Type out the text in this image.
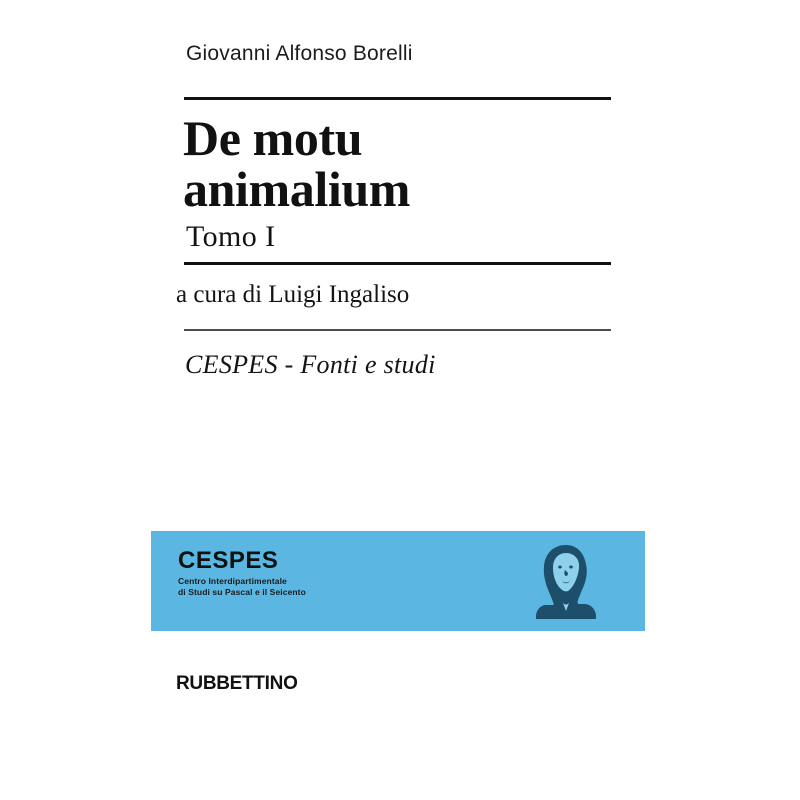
Giovanni Alfonso Borelli
De motu
animalium
Tomo I
a cura di Luigi Ingaliso
CESPES - Fonti e studi
CESPES
Centro Interdipartimentale
di Studi su Pascal e il Seicento
RUBBETTINO
